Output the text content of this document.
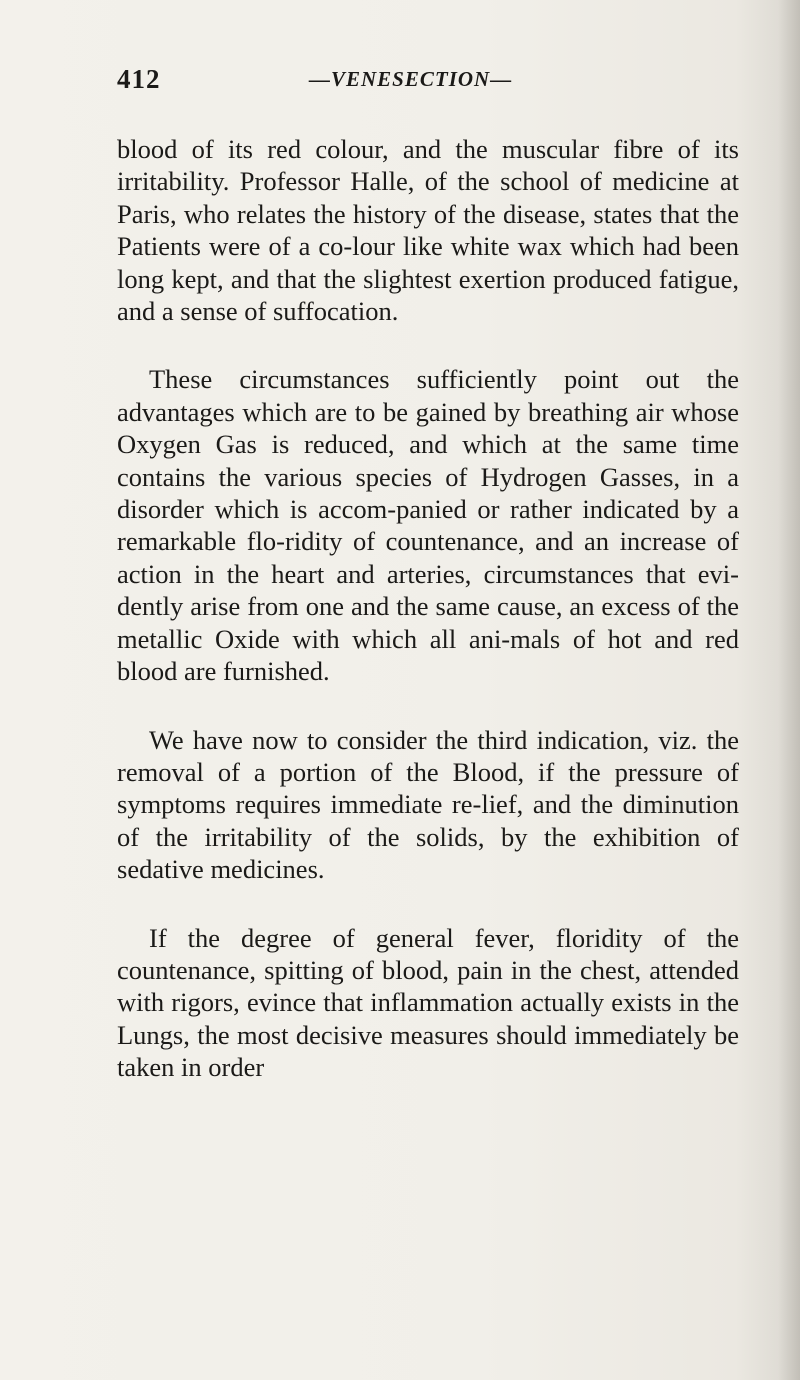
412	—VENESECTION—

blood of its red colour, and the muscular fibre of its irritability. Professor Halle, of the school of medicine at Paris, who relates the history of the disease, states that the Patients were of a co-lour like white wax which had been long kept, and that the slightest exertion produced fatigue, and a sense of suffocation.

These circumstances sufficiently point out the advantages which are to be gained by breathing air whose Oxygen Gas is reduced, and which at the same time contains the various species of Hydrogen Gasses, in a disorder which is accom-panied or rather indicated by a remarkable flo-ridity of countenance, and an increase of action in the heart and arteries, circumstances that evi-dently arise from one and the same cause, an excess of the metallic Oxide with which all ani-mals of hot and red blood are furnished.

We have now to consider the third indication, viz. the removal of a portion of the Blood, if the pressure of symptoms requires immediate re-lief, and the diminution of the irritability of the solids, by the exhibition of sedative medicines.

If the degree of general fever, floridity of the countenance, spitting of blood, pain in the chest, attended with rigors, evince that inflammation actually exists in the Lungs, the most decisive measures should immediately be taken in order
